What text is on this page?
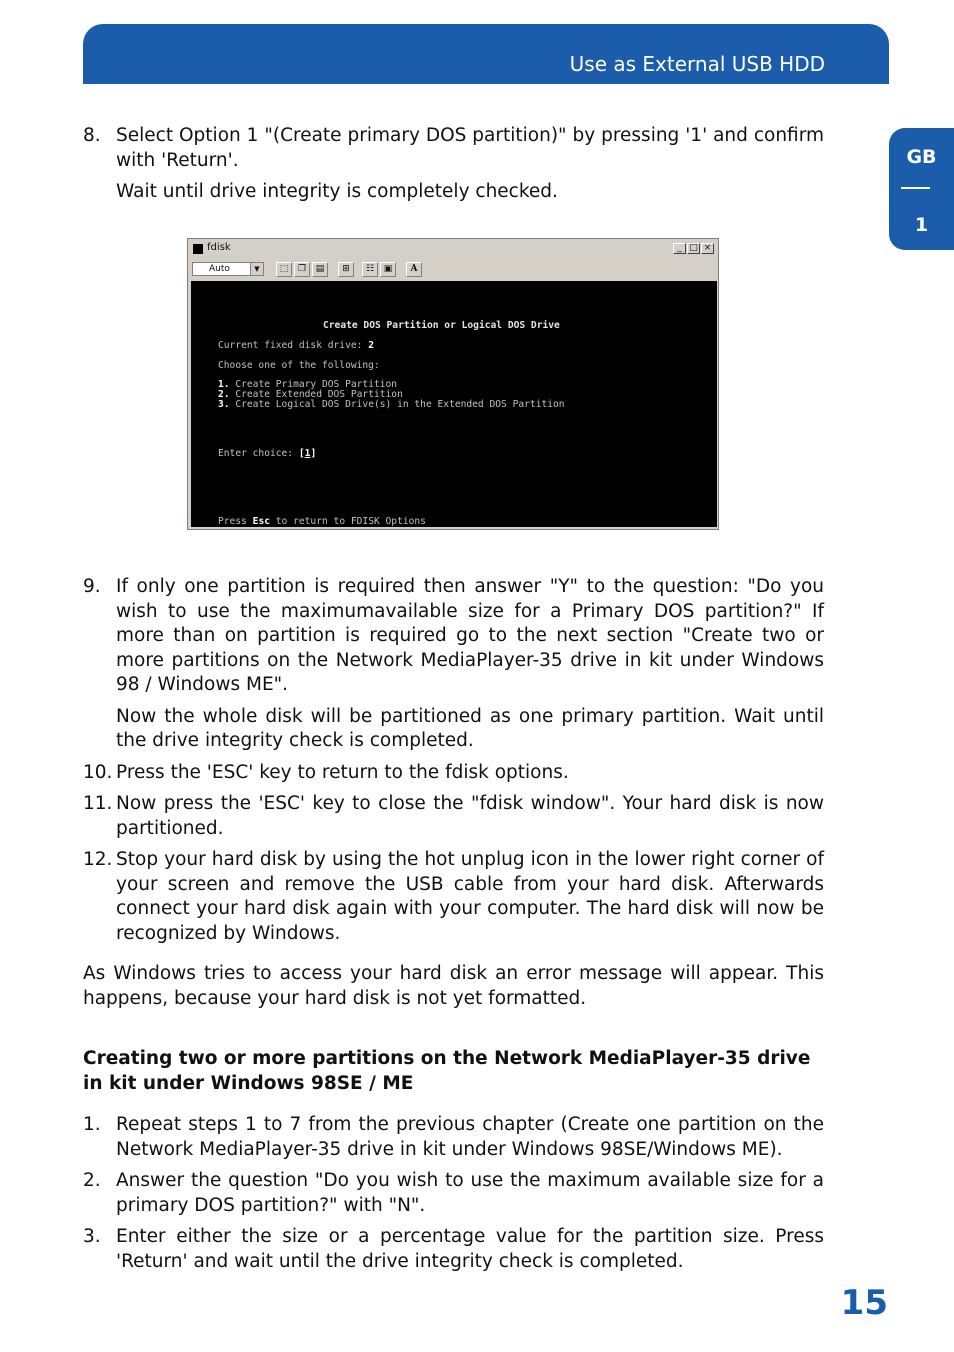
Use as External USB HDD
GB
1
8. Select Option 1 "(Create primary DOS partition)" by pressing '1' and confirm with 'Return'.
Wait until drive integrity is completely checked.
fdisk	_ □ ×
Auto	▼	⬚	❐	▤	⊞	☷	▣	A

Create DOS Partition or Logical DOS Drive

Current fixed disk drive: 2

Choose one of the following:

1. Create Primary DOS Partition

2. Create Extended DOS Partition

3. Create Logical DOS Drive(s) in the Extended DOS Partition

Enter choice: [1]

Press Esc to return to FDISK Options

9. If only one partition is required then answer "Y" to the question: "Do you wish to use the maximumavailable size for a Primary DOS partition?" If more than on partition is required go to the next section "Create two or more partitions on the Network MediaPlayer-35 drive in kit under Windows 98 / Windows ME".
Now the whole disk will be partitioned as one primary partition. Wait until the drive integrity check is completed.
10. Press the 'ESC' key to return to the fdisk options.
11. Now press the 'ESC' key to close the "fdisk window". Your hard disk is now partitioned.
12. Stop your hard disk by using the hot unplug icon in the lower right corner of your screen and remove the USB cable from your hard disk. Afterwards connect your hard disk again with your computer. The hard disk will now be recognized by Windows.
As Windows tries to access your hard disk an error message will appear. This happens, because your hard disk is not yet formatted.
Creating two or more partitions on the Network MediaPlayer-35 drive in kit under Windows 98SE / ME
1. Repeat steps 1 to 7 from the previous chapter (Create one partition on the Network MediaPlayer-35 drive in kit under Windows 98SE/Windows ME).
2. Answer the question "Do you wish to use the maximum available size for a primary DOS partition?" with "N".
3. Enter either the size or a percentage value for the partition size. Press 'Return' and wait until the drive integrity check is completed.
15
